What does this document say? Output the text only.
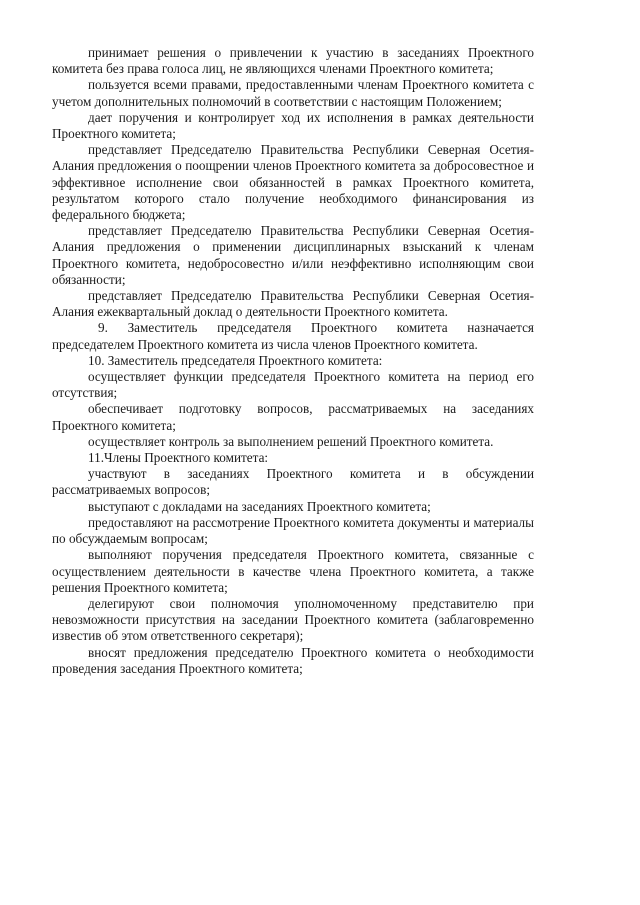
принимает решения о привлечении к участию в заседаниях Проектного комитета без права голоса лиц, не являющихся членами Проектного комитета;

пользуется всеми правами, предоставленными членам Проектного комитета с учетом дополнительных полномочий в соответствии с настоящим Положением;

дает поручения и контролирует ход их исполнения в рамках деятельности Проектного комитета;

представляет Председателю Правительства Республики Северная Осетия-Алания предложения о поощрении членов Проектного комитета за добросовестное и эффективное исполнение свои обязанностей в рамках Проектного комитета, результатом которого стало получение необходимого финансирования из федерального бюджета;

представляет Председателю Правительства Республики Северная Осетия-Алания предложения о применении дисциплинарных взысканий к членам Проектного комитета, недобросовестно и/или неэффективно исполняющим свои обязанности;

представляет Председателю Правительства Республики Северная Осетия-Алания ежеквартальный доклад о деятельности Проектного комитета.

9. Заместитель председателя Проектного комитета назначается председателем Проектного комитета из числа членов Проектного комитета.

10. Заместитель председателя Проектного комитета:

осуществляет функции председателя Проектного комитета на период его отсутствия;

обеспечивает подготовку вопросов, рассматриваемых на заседаниях Проектного комитета;

осуществляет контроль за выполнением решений Проектного комитета.

11.Члены Проектного комитета:

участвуют в заседаниях Проектного комитета и в обсуждении рассматриваемых вопросов;

выступают с докладами на заседаниях Проектного комитета;

предоставляют на рассмотрение Проектного комитета документы и материалы по обсуждаемым вопросам;

выполняют поручения председателя Проектного комитета, связанные с осуществлением деятельности в качестве члена Проектного комитета, а также решения Проектного комитета;

делегируют свои полномочия уполномоченному представителю при невозможности присутствия на заседании Проектного комитета (заблаговременно известив об этом ответственного секретаря);

вносят предложения председателю Проектного комитета о необходимости проведения заседания Проектного комитета;
